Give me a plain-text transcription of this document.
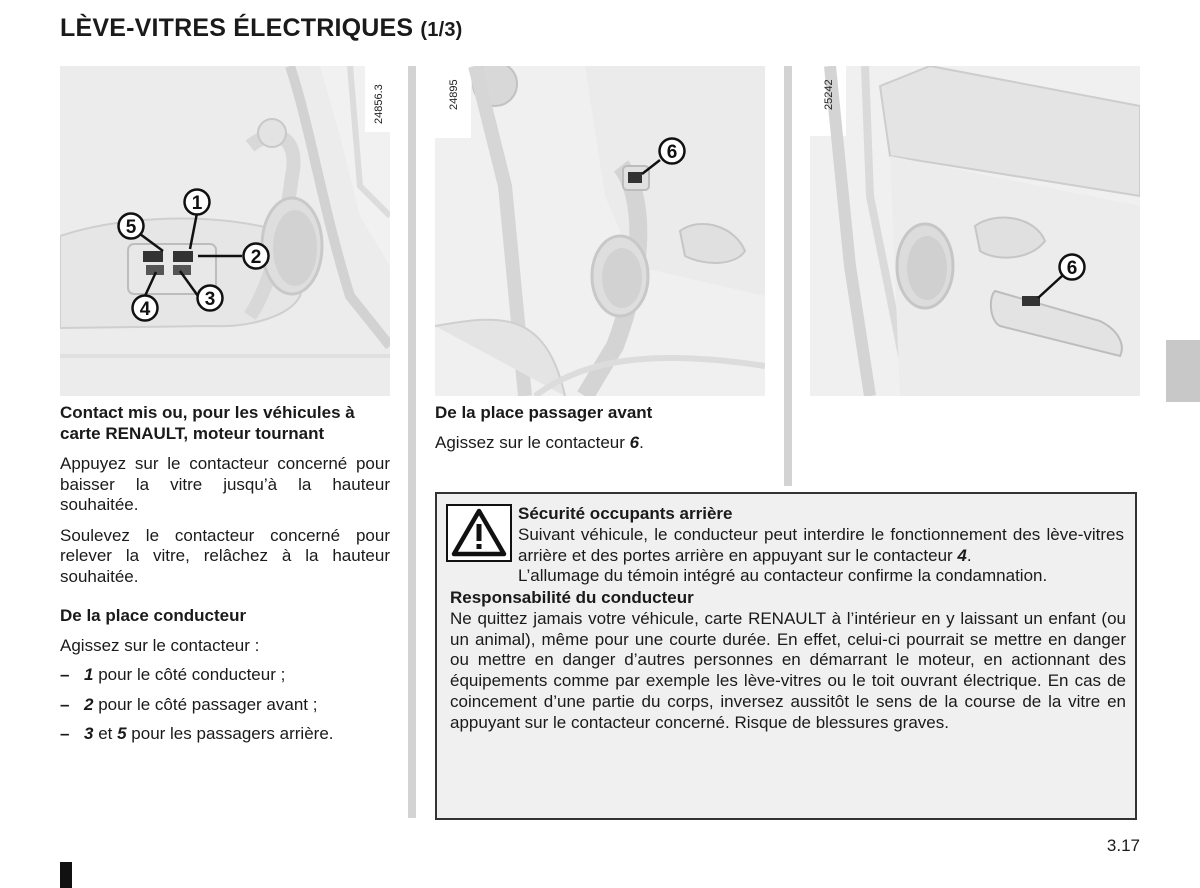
LÈVE-VITRES ÉLECTRIQUES (1/3)
1
5
2
3
4
24856.3
6
24895
6
25242

Contact mis ou, pour les véhicules à carte RENAULT, moteur tournant

Appuyez sur le contacteur concerné pour baisser la vitre jusqu’à la hauteur souhaitée.

Soulevez le contacteur concerné pour relever la vitre, relâchez à la hauteur souhaitée.

De la place conducteur

Agissez sur le contacteur :

– 1 pour le côté conducteur ;
– 2 pour le côté passager avant ;
– 3 et 5 pour les passagers arrière.

De la place passager avant

Agissez sur le contacteur 6.

Sécurité occupants arrière

Suivant véhicule, le conducteur peut interdire le fonctionnement des lève-vitres arrière et des portes arrière en appuyant sur le contacteur 4.

L’allumage du témoin intégré au contacteur confirme la condamnation.

Responsabilité du conducteur

Ne quittez jamais votre véhicule, carte RENAULT à l’intérieur en y laissant un enfant (ou un animal), même pour une courte durée. En effet, celui-ci pourrait se mettre en danger ou mettre en danger d’autres personnes en démarrant le moteur, en actionnant des équipements comme par exemple les lève-vitres ou le toit ouvrant électrique. En cas de coincement d’une partie du corps, inversez aussitôt le sens de la course de la vitre en appuyant sur le contacteur concerné. Risque de blessures graves.

3.17
